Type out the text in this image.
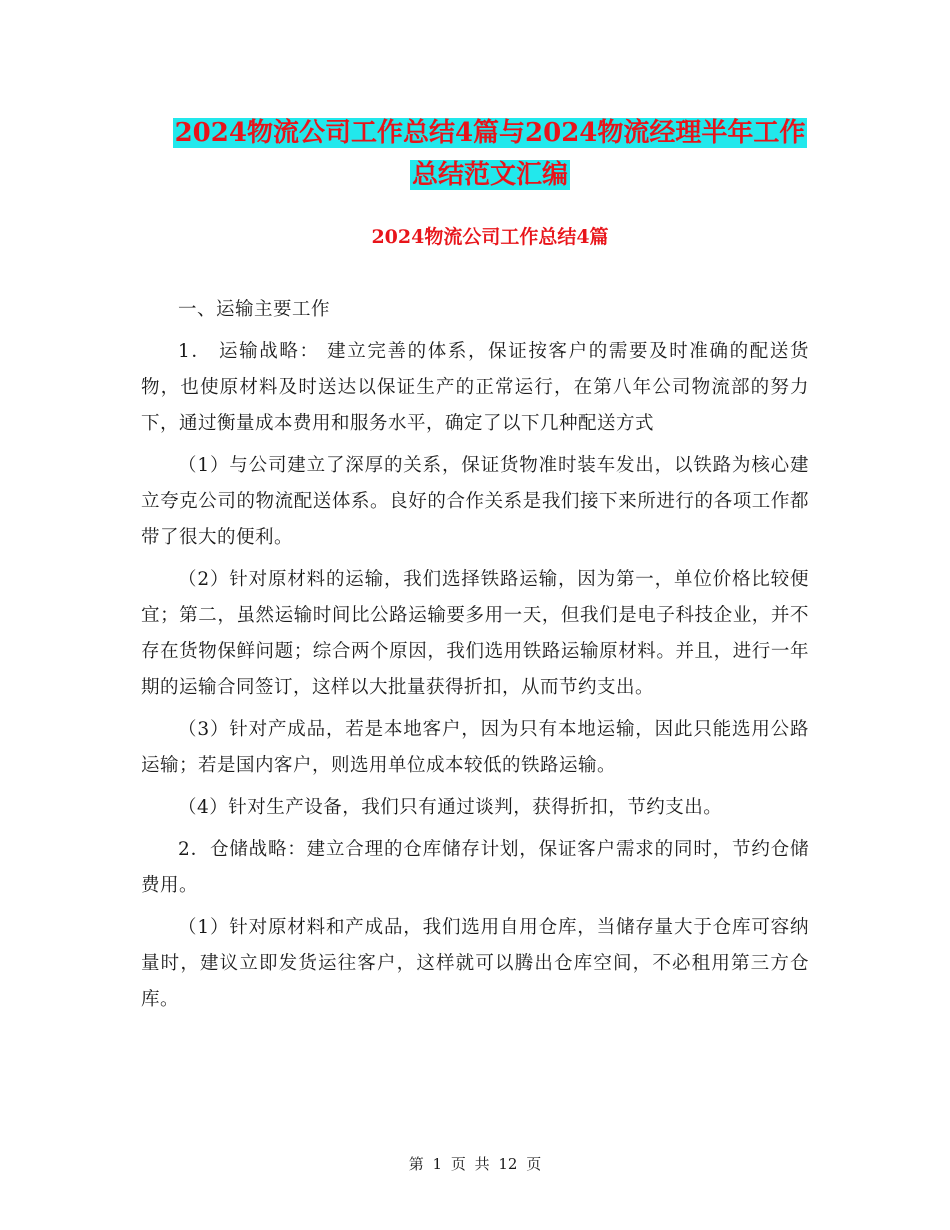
2024物流公司工作总结4篇与2024物流经理半年工作
总结范文汇编
2024物流公司工作总结4篇

一、运输主要工作

1． 运输战略： 建立完善的体系，保证按客户的需要及时准确的配送货物，也使原材料及时送达以保证生产的正常运行，在第八年公司物流部的努力下，通过衡量成本费用和服务水平，确定了以下几种配送方式

（1）与公司建立了深厚的关系，保证货物准时装车发出，以铁路为核心建立夸克公司的物流配送体系。良好的合作关系是我们接下来所进行的各项工作都带了很大的便利。

（2）针对原材料的运输，我们选择铁路运输，因为第一，单位价格比较便宜；第二，虽然运输时间比公路运输要多用一天，但我们是电子科技企业，并不存在货物保鲜问题；综合两个原因，我们选用铁路运输原材料。并且，进行一年期的运输合同签订，这样以大批量获得折扣，从而节约支出。

（3）针对产成品，若是本地客户，因为只有本地运输，因此只能选用公路运输；若是国内客户，则选用单位成本较低的铁路运输。

（4）针对生产设备，我们只有通过谈判，获得折扣，节约支出。

2．仓储战略：建立合理的仓库储存计划，保证客户需求的同时，节约仓储费用。

（1）针对原材料和产成品，我们选用自用仓库，当储存量大于仓库可容纳量时，建议立即发货运往客户，这样就可以腾出仓库空间，不必租用第三方仓库。

第 1 页 共 12 页
